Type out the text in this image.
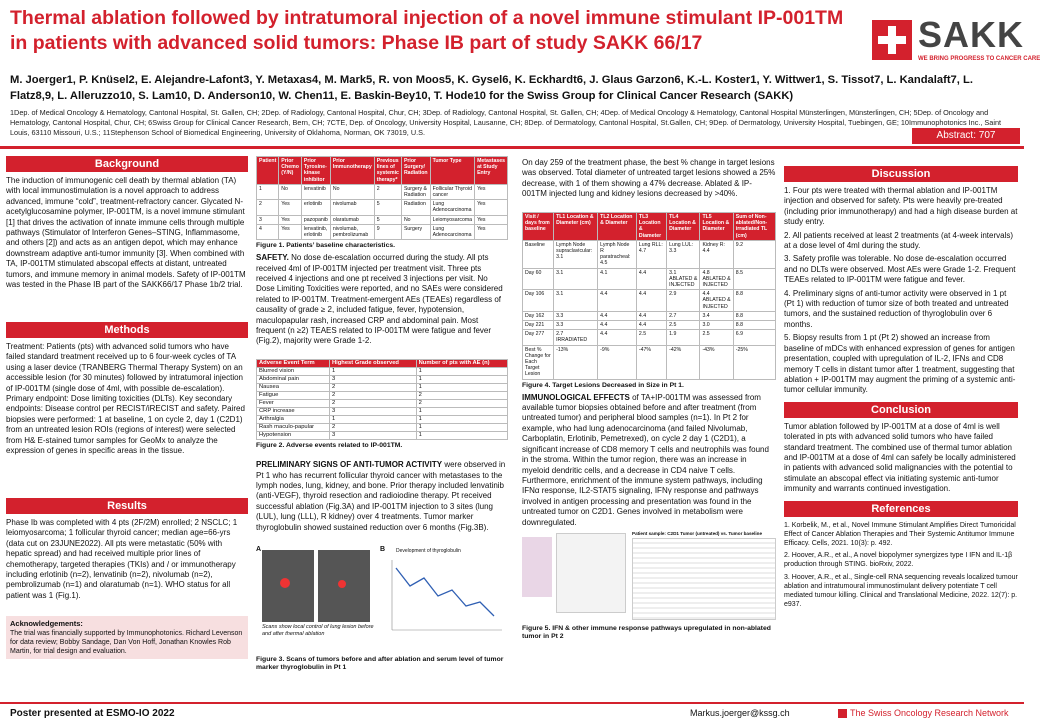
Thermal ablation followed by intratumoral injection of a novel immune stimulant IP-001TM in patients with advanced solid tumors: Phase IB part of study SAKK 66/17	SAKK
WE BRING PROGRESS TO CANCER CARE
M. Joerger1, P. Knüsel2, E. Alejandre-Lafont3, Y. Metaxas4, M. Mark5, R. von Moos5, K. Gysel6, K. Eckhardt6, J. Glaus Garzon6, K.-L. Koster1, Y. Wittwer1, S. Tissot7, L. Kandalaft7, L. Flatz8,9, L. Alleruzzo10, S. Lam10, D. Anderson10, W. Chen11, E. Baskin-Bey10, T. Hode10 for the Swiss Group for Clinical Cancer Research (SAKK)
1Dep. of Medical Oncology & Hematology, Cantonal Hospital, St. Gallen, CH; 2Dep. of Radiology, Cantonal Hospital, Chur, CH; 3Dep. of Radiology, Cantonal Hospital, St. Gallen, CH; 4Dep. of Medical Oncology & Hematology, Cantonal Hospital Münsterlingen, Münsterlingen, CH; 5Dep. of Oncology and Hematology, Cantonal Hospital, Chur, CH; 6Swiss Group for Clinical Cancer Research, Bern, CH; 7CTE, Dep. of Oncology, University Hospital, Lausanne, CH; 8Dep. of Dermatology, Cantonal Hospital, St.Gallen, CH; 9Dep. of Dermatology, University Hospital, Tuebingen, GE; 10Immunophotonics Inc., Saint Louis, 63110 Missouri, U.S.; 11Stephenson School of Biomedical Engineering, University of Oklahoma, Norman, OK 73019, U.S.	Abstract: 707
Background

The induction of immunogenic cell death by thermal ablation (TA) with local immunostimulation is a novel approach to address advanced, immune “cold”, treatment-refractory cancer. Glycated N-acetylglucosamine polymer, IP-001TM, is a novel immune stimulant [1] that drives the activation of innate immune cells through multiple pathways (Stimulator of Interferon Genes–STING, Inflammasome, and others [2]) and acts as an antigen depot, which may enhance downstream adaptive anti-tumor immunity [3]. When combined with TA, IP-001TM stimulated abscopal effects at distant, untreated tumors, and immune memory in animal models. Safety of IP-001TM was tested in the Phase IB part of the SAKK66/17 Phase 1b/2 trial.

Methods

Treatment: Patients (pts) with advanced solid tumors who have failed standard treatment received up to 6 four-week cycles of TA using a laser device (TRANBERG Thermal Therapy System) on an accessible lesion (for 30 minutes) followed by intratumoral injection of IP-001TM (single dose of 4ml, with possible de-escalation). Primary endpoint: Dose limiting toxicities (DLTs). Key secondary endpoints: Disease control per RECIST/iRECIST and safety. Paired biopsies were performed: 1 at baseline, 1 on cycle 2, day 1 (C2D1) from an untreated lesion ROIs (regions of interest) were selected from H& E-stained tumor samples for GeoMx to analyze the expression of genes in specific areas in the tissue.

Results

Phase Ib was completed with 4 pts (2F/2M) enrolled; 2 NSCLC; 1 leiomyosarcoma; 1 follicular thyroid cancer; median age=66-yrs (data cut on 23JUNE2022). All pts were metastatic (50% with hepatic spread) and had received multiple prior lines of chemotherapy, targeted therapies (TKIs) and / or immunotherapy including erlotinib (n=2), lenvatinib (n=2), nivolumab (n=2), pembrolizumab (n=1) and olaratumab (n=1). WHO status for all patient was 1 (Fig.1).

Acknowledgements:
The trial was financially supported by Immunophotonics. Richard Levenson for data review; Bobby Sandage, Dan Von Hoff, Jonathan Knowles Rob Martin, for trial design and evaluation.
Patient	Prior Chemo (Y/N)	Prior Tyrosine-kinase inhibitor	Prior Immunotherapy	Previous lines of systemic therapy*	Prior Surgery/ Radiation	Tumor Type	Metastases at Study Entry
1	No	lenvatinib	No	2	Surgery & Radiation	Follicular Thyroid cancer	Yes
2	Yes	erlotinib	nivolumab	5	Radiation	Lung Adenocarcinoma	Yes
3	Yes	pazopanib	olaratumab	5	No	Leiomyosarcoma	Yes
4	Yes	lenvatinib, erlotinib	nivolumab, pembrolizumab	9	Surgery	Lung Adenocarcinoma	Yes
Figure 1. Patients’ baseline characteristics.

SAFETY. No dose de-escalation occurred during the study. All pts received 4ml of IP-001TM injected per treatment visit. Three pts received 4 injections and one pt received 3 injections per visit. No Dose Limiting Toxicities were reported, and no SAEs were considered related to IP-001TM. Treatment-emergent AEs (TEAEs) regardless of causality of grade ≥ 2, included fatigue, fever, hypotension, maculopapular rash, increased CRP and abdominal pain. Most frequent (n ≥2) TEAES related to IP-001TM were fatigue and fever (Fig.2), majority were Grade 1-2.

Adverse Event Term	Highest Grade observed	Number of pts with AE (n)
Blurred vision	1	1
Abdominal pain	3	1
Nausea	2	1
Fatigue	2	2
Fever	2	2
CRP increase	3	1
Arthralgia	1	1
Rash maculo-papular	2	1
Hypotension	3	1
Figure 2. Adverse events related to IP-001TM.

PRELIMINARY SIGNS OF ANTI-TUMOR ACTIVITY were observed in Pt 1 who has recurrent follicular thyroid cancer with metastases to the lymph nodes, lung, kidney, and bone. Prior therapy included lenvatinib (anti-VEGF), thyroid resection and radioiodine therapy. Pt received successful ablation (Fig.3A) and IP-001TM injection to 3 sites (lung (LUL), lung (LLL), R kidney) over 4 treatments. Tumor marker thyroglobulin showed sustained reduction over 6 months (Fig.3B).

A
Scans show local control of lung lesion before and after thermal ablation
B Development of thyroglobulin
Figure 3. Scans of tumors before and after ablation and serum level of tumor marker thyroglobulin in Pt 1

On day 259 of the treatment phase, the best % change in target lesions was observed. Total diameter of untreated target lesions showed a 25% decrease, with 1 of them showing a 47% decrease. Ablated & IP-001TM injected lung and kidney lesions decreased by >40%.

Visit / days from baseline	TL1 Location & Diameter (cm)	TL2 Location & Diameter	TL3 Location & Diameter	TL4 Location & Diameter	TL5 Location & Diameter	Sum of Non-ablated/Non-irradiated TL (cm)
Baseline	Lymph Node supraclavicular: 3.1	Lymph Node R paratracheal: 4.5	Lung RLL: 4.7	Lung LUL: 3.3	Kidney R: 4.4	9.2
Day 60	3.1	4.1	4.4	3.1 ABLATED & INJECTED	4.8 ABLATED & INJECTED	8.5
Day 106	3.1	4.4	4.4	2.9	4.4 ABLATED & INJECTED	8.8
Day 162	3.3	4.4	4.4	2.7	3.4	8.8
Day 221	3.3	4.4	4.4	2.5	3.0	8.8
Day 277	2.7 IRRADIATED	4.4	2.5	1.9	2.5	6.9
Best % Change for Each Target Lesion	-13%	-9%	-47%	-42%	-43%	-25%
Figure 4. Target Lesions Decreased in Size in Pt 1.

IMMUNOLOGICAL EFFECTS of TA+IP-001TM was assessed from available tumor biopsies obtained before and after treatment (from untreated tumor) and peripheral blood samples (n=1). In Pt 2 for example, who had lung adenocarcinoma (and failed Nivolumab, Carboplatin, Erlotinib, Pemetrexed), on cycle 2 day 1 (C2D1), a significant increase of CD8 memory T cells and neutrophils was found in the stroma. Within the tumor region, there was an increase in myeloid dendritic cells, and a decrease in CD4 naive T cells. Furthermore, enrichment of the immune system pathways, including IFNα response, IL2-STAT5 signaling, IFNγ response and pathways involved in antigen processing and presentation was found in the untreated tumor on C2D1. Genes involved in metabolism were downregulated.

Patient sample: C2D1 Tumor (untreated) vs. Tumor baseline
Figure 5. IFN & other immune response pathways upregulated in non-ablated tumor in Pt 2
Discussion

1. Four pts were treated with thermal ablation and IP-001TM injection and observed for safety. Pts were heavily pre-treated (including prior immunotherapy) and had a high disease burden at study entry.

2. All patients received at least 2 treatments (at 4-week intervals) at a dose level of 4ml during the study.

3. Safety profile was tolerable. No dose de-escalation occurred and no DLTs were observed. Most AEs were Grade 1-2. Frequent TEAEs related to IP-001TM were fatigue and fever.

4. Preliminary signs of anti-tumor activity were observed in 1 pt (Pt 1) with reduction of tumor size of both treated and untreated tumors, and the sustained reduction of thyroglobulin over 6 months.

5. Biopsy results from 1 pt (Pt 2) showed an increase from baseline of mDCs with enhanced expression of genes for antigen presentation, coupled with upregulation of IL-2, IFNs and CD8 memory T cells in distant tumor after 1 treatment, suggesting that ablation + IP-001TM may augment the priming of a systemic anti-tumor cellular immunity.

Conclusion

Tumor ablation followed by IP-001TM at a dose of 4ml is well tolerated in pts with advanced solid tumors who have failed standard treatment. The combined use of thermal tumor ablation and IP-001TM at a dose of 4ml can safely be locally administered in patients with advanced solid malignancies with the potential to stimulate an abscopal effect via initiating systemic anti-tumor immunity and warrants continued investigation.

References

1. Korbelik, M., et al., Novel Immune Stimulant Amplifies Direct Tumoricidal Effect of Cancer Ablation Therapies and Their Systemic Antitumor Immune Efficacy. Cells, 2021. 10(3): p. 492.

2. Hoover, A.R., et al., A novel biopolymer synergizes type I IFN and IL-1β production through STING. bioRxiv, 2022.

3. Hoover, A.R., et al., Single-cell RNA sequencing reveals localized tumour ablation and intratumoural immunostimulant delivery potentiate T cell mediated tumour killing. Clinical and Translational Medicine, 2022. 12(7): p. e937.

Poster presented at ESMO-IO 2022	Markus.joerger@kssg.ch	The Swiss Oncology Research Network
